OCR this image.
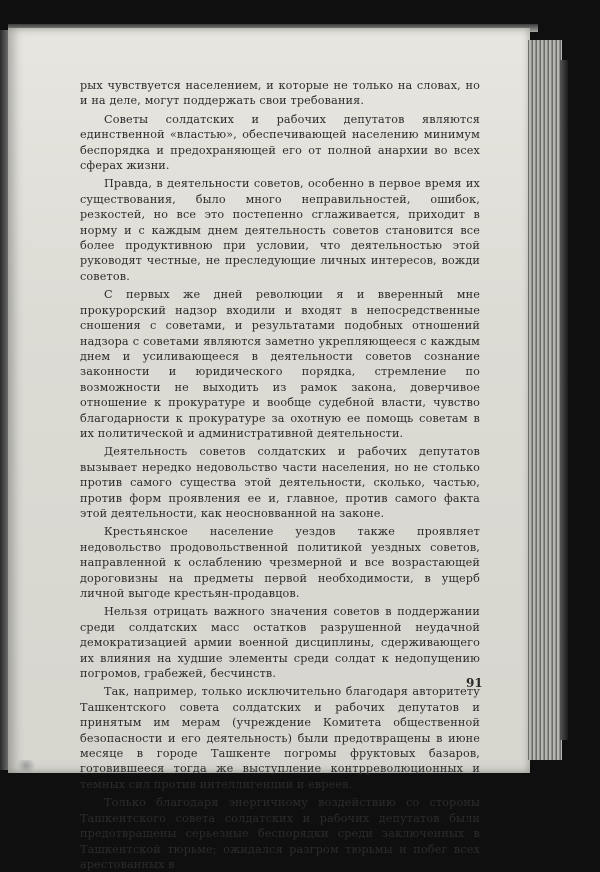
рых чувствуется населением, и которые не только на словах, но и на деле, могут поддержать свои требования.

Советы солдатских и рабочих депутатов являются единственной «властью», обеспечивающей населению минимум беспорядка и предохраняющей его от полной анархии во всех сферах жизни.

Правда, в деятельности советов, особенно в первое время их существования, было много неправильностей, ошибок, резкостей, но все это постепенно сглаживается, приходит в норму и с каждым днем деятельность советов становится все более продуктивною при условии, что деятельностью этой руководят честные, не преследующие личных интересов, вожди советов.

С первых же дней революции я и вверенный мне прокурорский надзор входили и входят в непосредственные сношения с советами, и результатами подобных отношений надзора с советами являются заметно укрепляющееся с каждым днем и усиливающееся в деятельности советов сознание законности и юридического порядка, стремление по возможности не выходить из рамок закона, доверчивое отношение к прокуратуре и вообще судебной власти, чувство благодарности к прокуратуре за охотную ее помощь советам в их политической и административной деятельности.

Деятельность советов солдатских и рабочих депутатов вызывает нередко недовольство части населения, но не столько против самого существа этой деятельности, сколько, частью, против форм проявления ее и, главное, против самого факта этой деятельности, как неосновванной на законе.

Крестьянское население уездов также проявляет недовольство продовольственной политикой уездных советов, направленной к ослаблению чрезмерной и все возрастающей дороговизны на предметы первой необходимости, в ущерб личной выгоде крестьян-продавцов.

Нельзя отрицать важного значения советов в поддержании среди солдатских масс остатков разрушенной неудачной демократизацией армии военной дисциплины, сдерживающего их влияния на худшие элементы среди солдат к недопущению погромов, грабежей, бесчинств.

Так, например, только исключительно благодаря авторитету Ташкентского совета солдатских и рабочих депутатов и принятым им мерам (учреждение Комитета общественной безопасности и его деятельность) были предотвращены в июне месяце в городе Ташкенте погромы фруктовых базаров, готовившееся тогда же выступление контрреволюционных и темных сил против интеллигенции и евреев.

Только благодаря энергичному воздействию со стороны Ташкентского совета солдатских и рабочих депутатов были предотвращены серьезные беспорядки среди заключенных в Ташкентской тюрьме; ожидался разгром тюрьмы и побег всех арестованных в

91
